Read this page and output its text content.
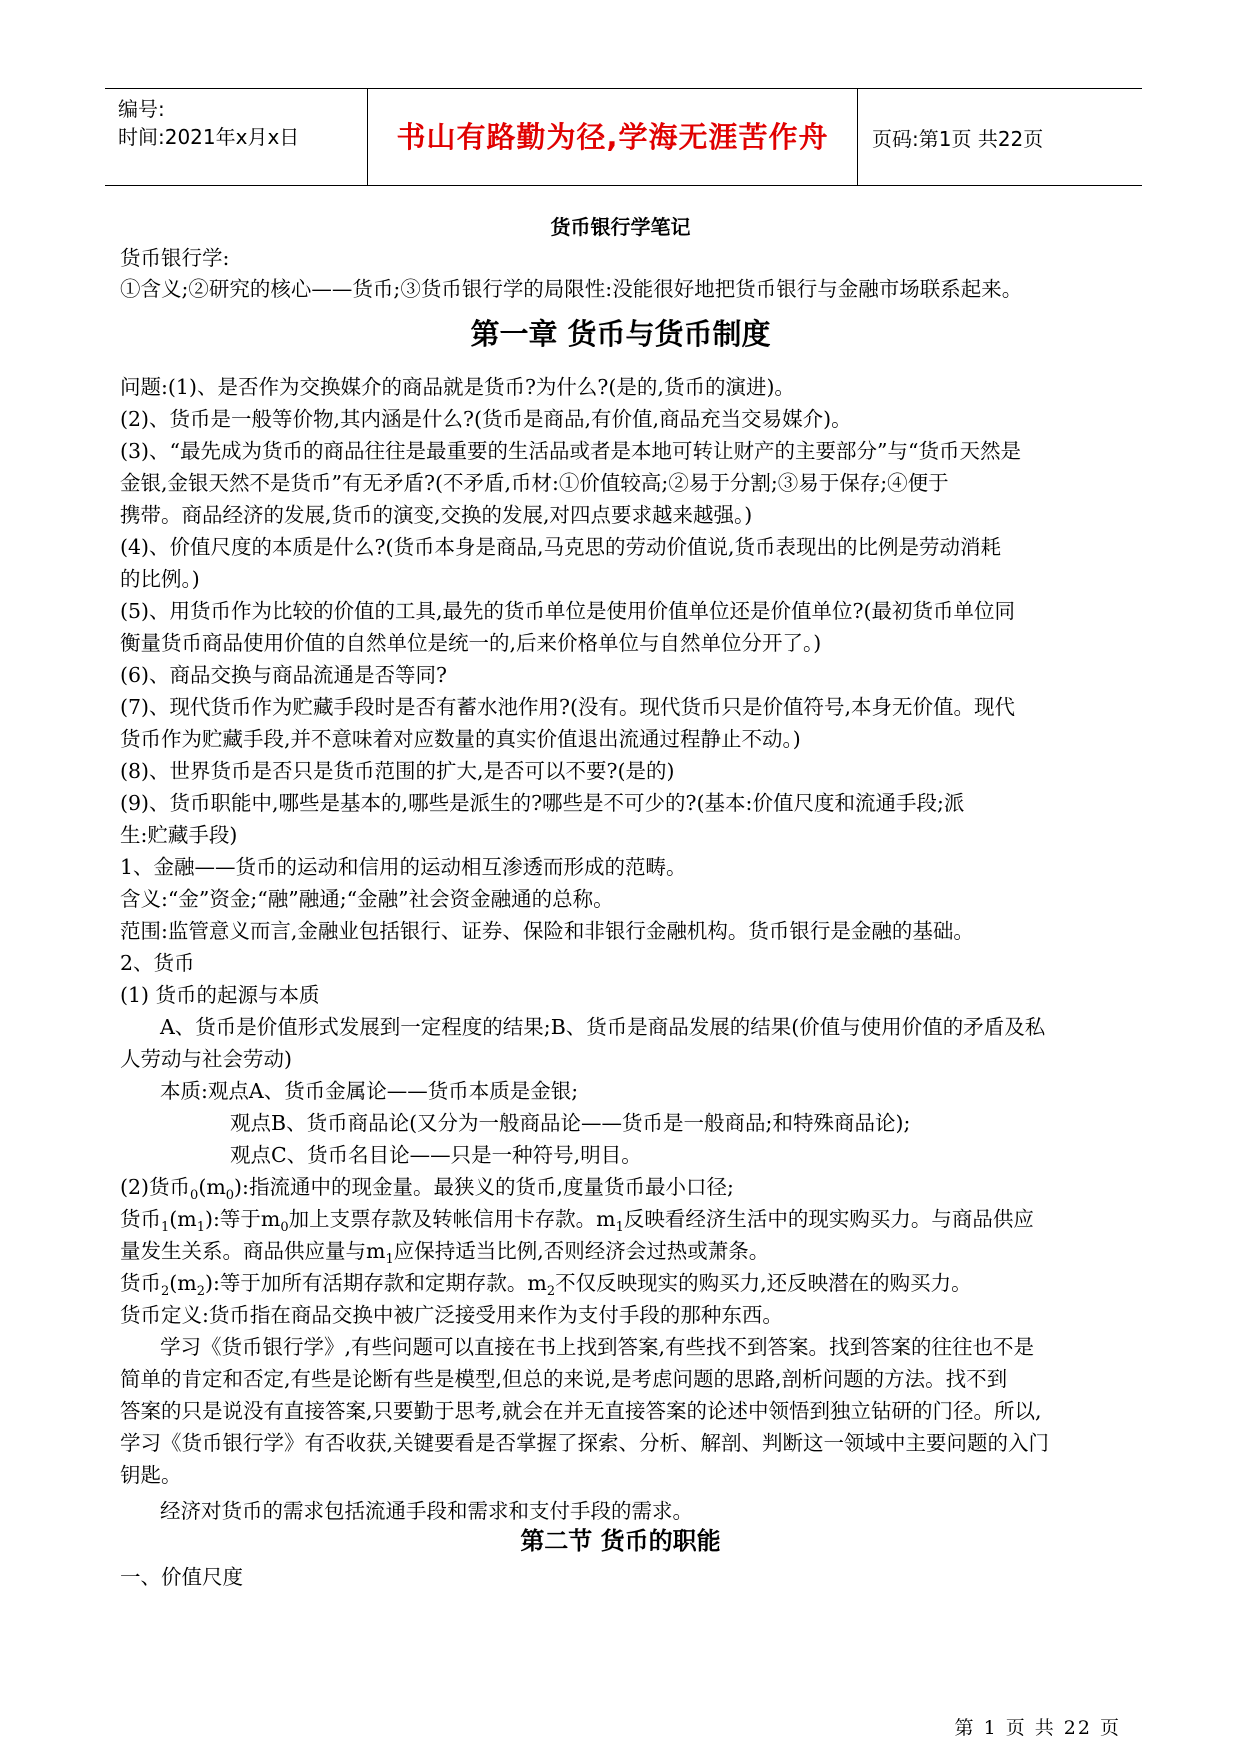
编号:
时间:2021年x月x日	书山有路勤为径,学海无涯苦作舟	页码:第1页 共22页
货币银行学笔记
货币银行学:
①含义;②研究的核心——货币;③货币银行学的局限性:没能很好地把货币银行与金融市场联系起来。
第一章 货币与货币制度
问题:(1)、是否作为交换媒介的商品就是货币?为什么?(是的,货币的演进)。
(2)、货币是一般等价物,其内涵是什么?(货币是商品,有价值,商品充当交易媒介)。
(3)、“最先成为货币的商品往往是最重要的生活品或者是本地可转让财产的主要部分”与“货币天然是
金银,金银天然不是货币”有无矛盾?(不矛盾,币材:①价值较高;②易于分割;③易于保存;④便于
携带。商品经济的发展,货币的演变,交换的发展,对四点要求越来越强。)
(4)、价值尺度的本质是什么?(货币本身是商品,马克思的劳动价值说,货币表现出的比例是劳动消耗
的比例。)
(5)、用货币作为比较的价值的工具,最先的货币单位是使用价值单位还是价值单位?(最初货币单位同
衡量货币商品使用价值的自然单位是统一的,后来价格单位与自然单位分开了。)
(6)、商品交换与商品流通是否等同?
(7)、现代货币作为贮藏手段时是否有蓄水池作用?(没有。现代货币只是价值符号,本身无价值。现代
货币作为贮藏手段,并不意味着对应数量的真实价值退出流通过程静止不动。)
(8)、世界货币是否只是货币范围的扩大,是否可以不要?(是的)
(9)、货币职能中,哪些是基本的,哪些是派生的?哪些是不可少的?(基本:价值尺度和流通手段;派
生:贮藏手段)
1、金融——货币的运动和信用的运动相互渗透而形成的范畴。
含义:“金”资金;“融”融通;“金融”社会资金融通的总称。
范围:监管意义而言,金融业包括银行、证券、保险和非银行金融机构。货币银行是金融的基础。
2、货币
(1) 货币的起源与本质
A、货币是价值形式发展到一定程度的结果;B、货币是商品发展的结果(价值与使用价值的矛盾及私
人劳动与社会劳动)
本质:观点A、货币金属论——货币本质是金银;
观点B、货币商品论(又分为一般商品论——货币是一般商品;和特殊商品论);
观点C、货币名目论——只是一种符号,明目。
(2)货币$_0(m_0)$:指流通中的现金量。最狭义的货币,度量货币最小口径;
货币$_1(m_1)$:等于$m_0$加上支票存款及转帐信用卡存款。$m_1$反映看经济生活中的现实购买力。与商品供应
量发生关系。商品供应量与$m_1$应保持适当比例,否则经济会过热或萧条。
货币$_2(m_2)$:等于加所有活期存款和定期存款。$m_2$不仅反映现实的购买力,还反映潜在的购买力。
货币定义:货币指在商品交换中被广泛接受用来作为支付手段的那种东西。
学习《货币银行学》,有些问题可以直接在书上找到答案,有些找不到答案。找到答案的往往也不是
简单的肯定和否定,有些是论断有些是模型,但总的来说,是考虑问题的思路,剖析问题的方法。找不到
答案的只是说没有直接答案,只要勤于思考,就会在并无直接答案的论述中领悟到独立钻研的门径。所以,
学习《货币银行学》有否收获,关键要看是否掌握了探索、分析、解剖、判断这一领域中主要问题的入门
钥匙。
经济对货币的需求包括流通手段和需求和支付手段的需求。
第二节 货币的职能
一、价值尺度
第 1 页 共 22 页
